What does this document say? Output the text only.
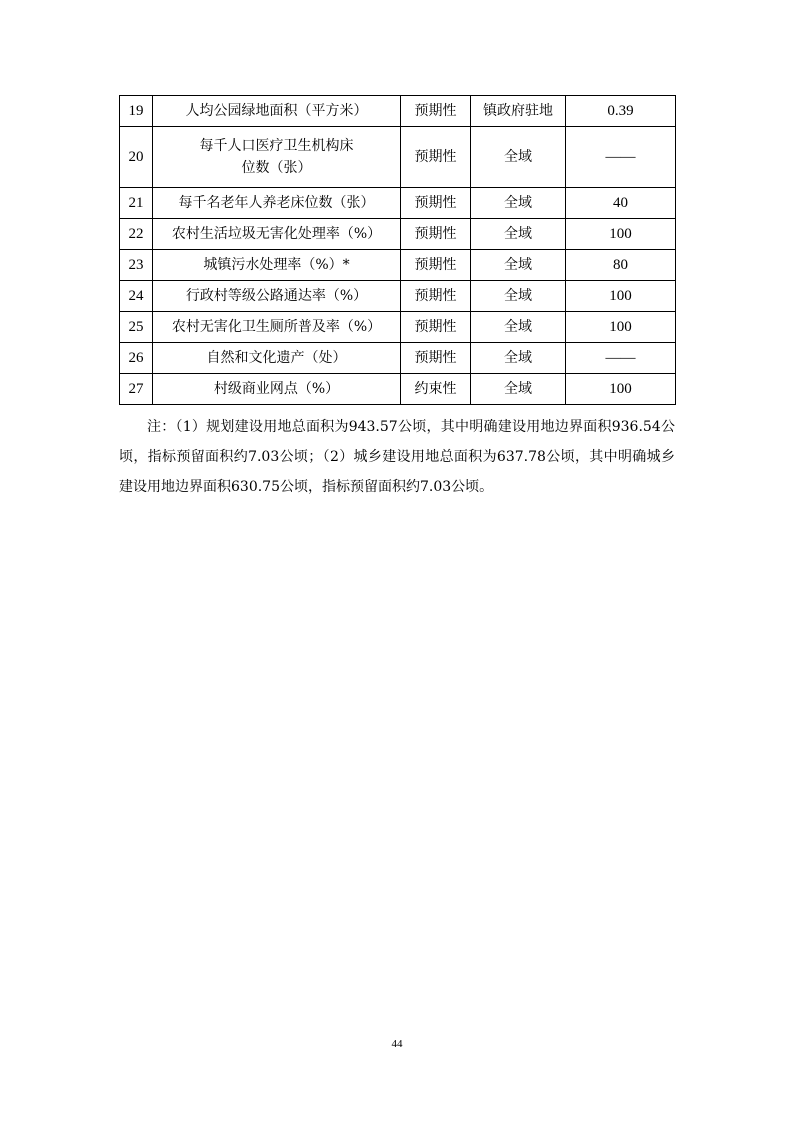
19	人均公园绿地面积（平方米）	预期性	镇政府驻地	0.39
20	每千人口医疗卫生机构床位数（张）	预期性	全域	——
21	每千名老年人养老床位数（张）	预期性	全域	40
22	农村生活垃圾无害化处理率（%）	预期性	全域	100
23	城镇污水处理率（%）*	预期性	全域	80
24	行政村等级公路通达率（%）	预期性	全域	100
25	农村无害化卫生厕所普及率（%）	预期性	全域	100
26	自然和文化遗产（处）	预期性	全域	——
27	村级商业网点（%）	约束性	全域	100

注：（1）规划建设用地总面积为943.57公顷，其中明确建设用地边界面积936.54公顷，指标预留面积约7.03公顷；（2）城乡建设用地总面积为637.78公顷，其中明确城乡建设用地边界面积630.75公顷，指标预留面积约7.03公顷。

44
